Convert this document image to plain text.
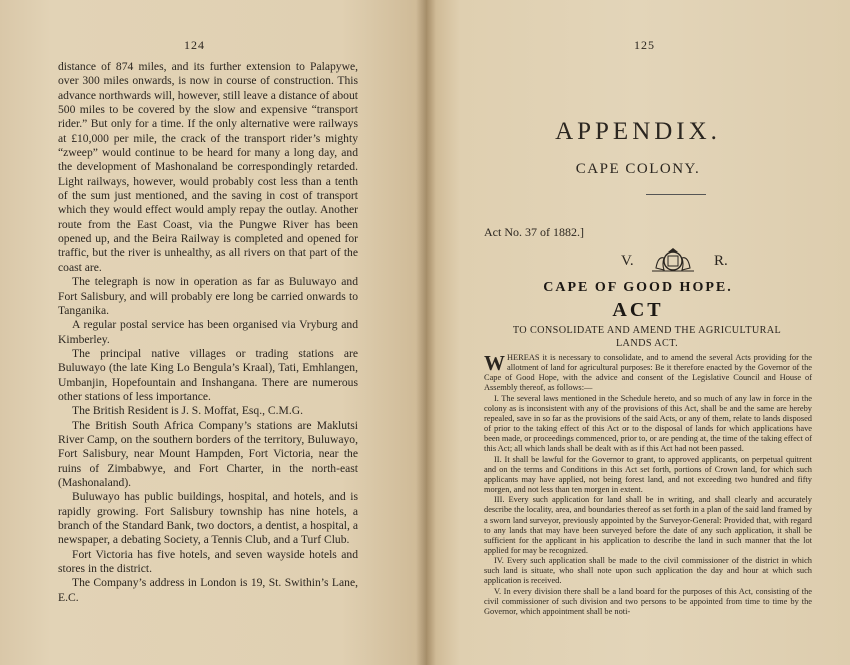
124

distance of 874 miles, and its further extension to Palapywe, over 300 miles onwards, is now in course of construction. This advance northwards will, however, still leave a distance of about 500 miles to be covered by the slow and expensive “transport rider.” But only for a time. If the only alternative were railways at £10,000 per mile, the crack of the transport rider’s mighty “zweep” would continue to be heard for many a long day, and the development of Mashonaland be correspondingly retarded. Light railways, however, would probably cost less than a tenth of the sum just mentioned, and the saving in cost of transport which they would effect would amply repay the outlay. Another route from the East Coast, via the Pungwe River has been opened up, and the Beira Railway is completed and opened for traffic, but the river is unhealthy, as all rivers on that part of the coast are.

The telegraph is now in operation as far as Buluwayo and Fort Salisbury, and will probably ere long be carried onwards to Tanganika.

A regular postal service has been organised via Vryburg and Kimberley.

The principal native villages or trading stations are Buluwayo (the late King Lo Bengula’s Kraal), Tati, Emhlangen, Umbanjin, Hopefountain and Inshangana. There are numerous other stations of less importance.

The British Resident is J. S. Moffat, Esq., C.M.G.

The British South Africa Company’s stations are Maklutsi River Camp, on the southern borders of the territory, Buluwayo, Fort Salisbury, near Mount Hampden, Fort Victoria, near the ruins of Zimbabwye, and Fort Charter, in the north-east (Mashonaland).

Buluwayo has public buildings, hospital, and hotels, and is rapidly growing. Fort Salisbury township has nine hotels, a branch of the Standard Bank, two doctors, a dentist, a hospital, a newspaper, a debating Society, a Tennis Club, and a Turf Club.

Fort Victoria has five hotels, and seven wayside hotels and stores in the district.

The Company’s address in London is 19, St. Swithin’s Lane, E.C.

125
APPENDIX.
CAPE COLONY.
Act No. 37 of 1882.]
V.	R.
CAPE OF GOOD HOPE.
ACT
TO CONSOLIDATE AND AMEND THE AGRICULTURAL
LANDS ACT.

WHEREAS it is necessary to consolidate, and to amend the several Acts providing for the allotment of land for agricultural purposes: Be it therefore enacted by the Governor of the Cape of Good Hope, with the advice and consent of the Legislative Council and House of Assembly thereof, as follows:—

I. The several laws mentioned in the Schedule hereto, and so much of any law in force in the colony as is inconsistent with any of the provisions of this Act, shall be and the same are hereby repealed, save in so far as the provisions of the said Acts, or any of them, relate to lands disposed of prior to the taking effect of this Act or to the disposal of lands for which applications have been made, or proceedings commenced, prior to, or are pending at, the time of the taking effect of this Act; all which lands shall be dealt with as if this Act had not been passed.

II. It shall be lawful for the Governor to grant, to approved applicants, on perpetual quitrent and on the terms and Conditions in this Act set forth, portions of Crown land, for which such applicants may have applied, not being forest land, and not exceeding two hundred and fifty morgen, and not less than ten morgen in extent.

III. Every such application for land shall be in writing, and shall clearly and accurately describe the locality, area, and boundaries thereof as set forth in a plan of the said land framed by a sworn land surveyor, previously appointed by the Surveyor-General: Provided that, with regard to any lands that may have been surveyed before the date of any such application, it shall be sufficient for the applicant in his application to describe the land in such manner that the lot applied for may be recognized.

IV. Every such application shall be made to the civil commissioner of the district in which such land is situate, who shall note upon such application the day and hour at which such application is received.

V. In every division there shall be a land board for the purposes of this Act, consisting of the civil commissioner of such division and two persons to be appointed from time to time by the Governor, which appointment shall be noti-
